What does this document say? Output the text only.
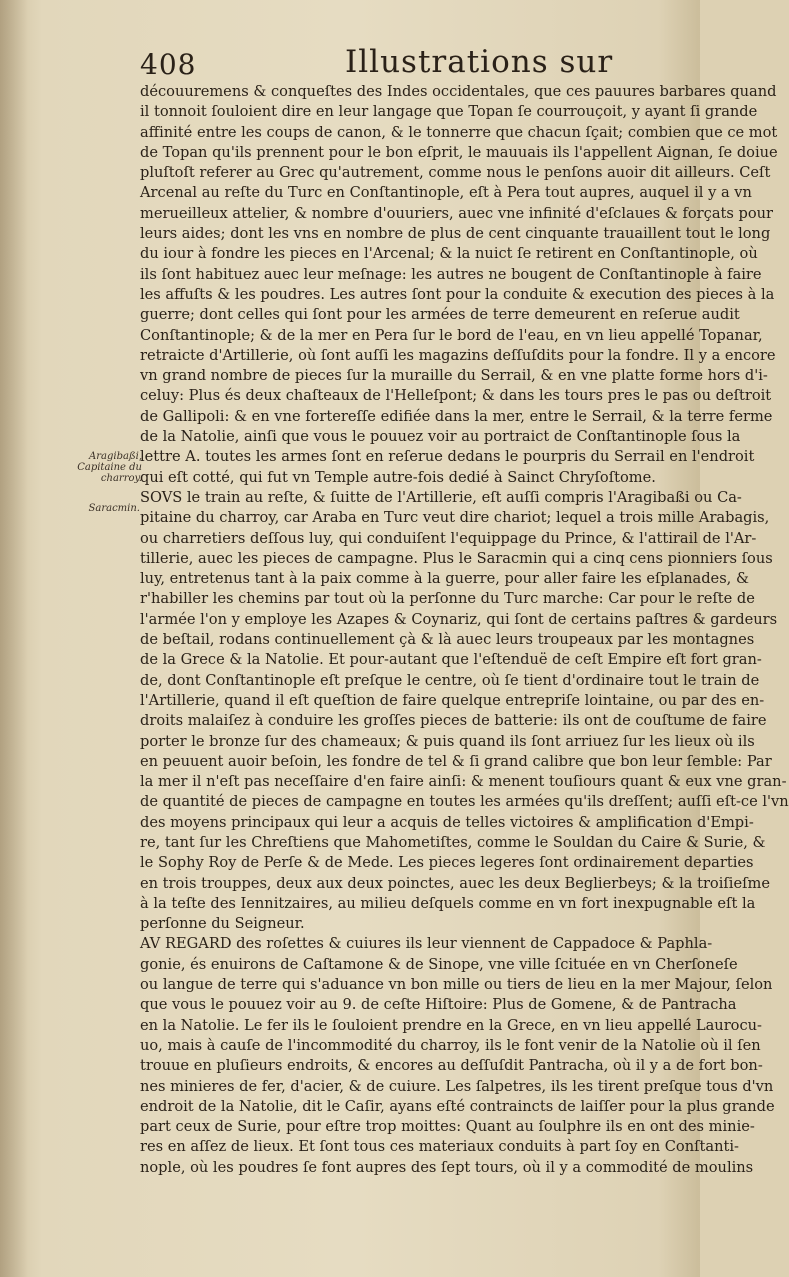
408	Illustrations sur
Aragibaßi, Capitaine du charroy.
Saracmin.
découuremens & conqueſtes des Indes occidentales, que ces pauures barbares quand
il tonnoit ſouloient dire en leur langage que Topan ſe courrouçoit, y ayant ſi grande
affinité entre les coups de canon, & le tonnerre que chacun ſçait; combien que ce mot
de Topan qu'ils prennent pour le bon eſprit, le mauuais ils l'appellent Aignan, ſe doiue
pluſtoſt referer au Grec qu'autrement, comme nous le penſons auoir dit ailleurs. Ceſt
Arcenal au reſte du Turc en Conſtantinople, eſt à Pera tout aupres, auquel il y a vn
merueilleux attelier, & nombre d'ouuriers, auec vne infinité d'eſclaues & forçats pour
leurs aides; dont les vns en nombre de plus de cent cinquante trauaillent tout le long
du iour à fondre les pieces en l'Arcenal; & la nuict ſe retirent en Conſtantinople, où
ils ſont habituez auec leur meſnage: les autres ne bougent de Conſtantinople à faire
les affuſts & les poudres. Les autres ſont pour la conduite & execution des pieces à la
guerre; dont celles qui ſont pour les armées de terre demeurent en reſerue audit
Conſtantinople; & de la mer en Pera ſur le bord de l'eau, en vn lieu appellé Topanar,
retraicte d'Artillerie, où ſont auſſi les magazins deſſuſdits pour la fondre. Il y a encore
vn grand nombre de pieces ſur la muraille du Serrail, & en vne platte forme hors d'i-
celuy: Plus és deux chaſteaux de l'Helleſpont; & dans les tours pres le pas ou deſtroit
de Gallipoli: & en vne fortereſſe edifiée dans la mer, entre le Serrail, & la terre ferme
de la Natolie, ainſi que vous le pouuez voir au portraict de Conſtantinople ſous la
lettre A. toutes les armes ſont en reſerue dedans le pourpris du Serrail en l'endroit
qui eſt cotté, qui fut vn Temple autre-fois dedié à Sainct Chryſoſtome.
SOVS le train au reſte, & ſuitte de l'Artillerie, eſt auſſi compris l'Aragibaßi ou Ca-
pitaine du charroy, car Araba en Turc veut dire chariot; lequel a trois mille Arabagis,
ou charretiers deſſous luy, qui conduiſent l'equippage du Prince, & l'attirail de l'Ar-
tillerie, auec les pieces de campagne. Plus le Saracmin qui a cinq cens pionniers ſous
luy, entretenus tant à la paix comme à la guerre, pour aller faire les eſplanades, &
r'habiller les chemins par tout où la perſonne du Turc marche: Car pour le reſte de
l'armée l'on y employe les Azapes & Coynariz, qui ſont de certains paſtres & gardeurs
de beſtail, rodans continuellement çà & là auec leurs troupeaux par les montagnes
de la Grece & la Natolie. Et pour-autant que l'eſtenduë de ceſt Empire eſt fort gran-
de, dont Conſtantinople eſt preſque le centre, où ſe tient d'ordinaire tout le train de
l'Artillerie, quand il eſt queſtion de faire quelque entrepriſe lointaine, ou par des en-
droits malaiſez à conduire les groſſes pieces de batterie: ils ont de couſtume de faire
porter le bronze ſur des chameaux; & puis quand ils ſont arriuez ſur les lieux où ils
en peuuent auoir beſoin, les fondre de tel & ſi grand calibre que bon leur ſemble: Par
la mer il n'eſt pas neceſſaire d'en faire ainſi: & menent touſiours quant & eux vne gran-
de quantité de pieces de campagne en toutes les armées qu'ils dreſſent; auſſi eſt-ce l'vn
des moyens principaux qui leur a acquis de telles victoires & amplification d'Empi-
re, tant ſur les Chreſtiens que Mahometiſtes, comme le Souldan du Caire & Surie, &
le Sophy Roy de Perſe & de Mede. Les pieces legeres ſont ordinairement departies
en trois trouppes, deux aux deux poinctes, auec les deux Beglierbeys; & la troiſieſme
à la teſte des Iennitzaires, au milieu deſquels comme en vn fort inexpugnable eſt la
perſonne du Seigneur.
AV REGARD des roſettes & cuiures ils leur viennent de Cappadoce & Paphla-
gonie, és enuirons de Caſtamone & de Sinope, vne ville ſcituée en vn Cherſoneſe
ou langue de terre qui s'aduance vn bon mille ou tiers de lieu en la mer Majour, ſelon
que vous le pouuez voir au 9. de ceſte Hiſtoire: Plus de Gomene, & de Pantracha
en la Natolie. Le fer ils le ſouloient prendre en la Grece, en vn lieu appellé Laurocu-
uo, mais à cauſe de l'incommodité du charroy, ils le font venir de la Natolie où il ſen
trouue en pluſieurs endroits, & encores au deſſuſdit Pantracha, où il y a de fort bon-
nes minieres de fer, d'acier, & de cuiure. Les ſalpetres, ils les tirent preſque tous d'vn
endroit de la Natolie, dit le Caſir, ayans eſté contraincts de laiſſer pour la plus grande
part ceux de Surie, pour eſtre trop moittes: Quant au ſoulphre ils en ont des minie-
res en aſſez de lieux. Et ſont tous ces materiaux conduits à part ſoy en Conſtanti-
nople, où les poudres ſe font aupres des ſept tours, où il y a commodité de moulins
